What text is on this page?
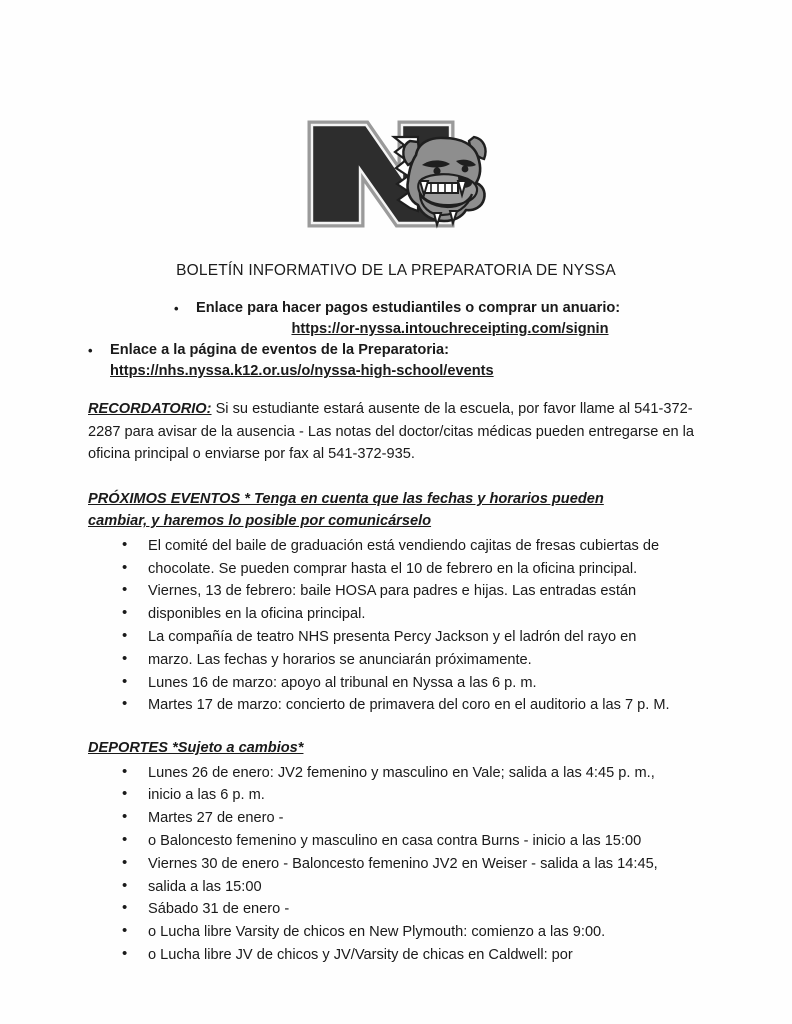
BOLETÍN INFORMATIVO DE LA PREPARATORIA DE NYSSA
•	Enlace para hacer pagos estudiantiles o comprar un anuario:
https://or-nyssa.intouchreceipting.com/signin
•	Enlace a la página de eventos de la Preparatoria:
https://nhs.nyssa.k12.or.us/o/nyssa-high-school/events

RECORDATORIO: Si su estudiante estará ausente de la escuela, por favor llame al 541-372-2287 para avisar de la ausencia - Las notas del doctor/citas médicas pueden entregarse en la oficina principal o enviarse por fax al 541-372-935.

PRÓXIMOS EVENTOS * Tenga en cuenta que las fechas y horarios pueden
cambiar, y haremos lo posible por comunicárselo
• El comité del baile de graduación está vendiendo cajitas de fresas cubiertas de
• chocolate. Se pueden comprar hasta el 10 de febrero en la oficina principal.
• Viernes, 13 de febrero: baile HOSA para padres e hijas. Las entradas están
• disponibles en la oficina principal.
• La compañía de teatro NHS presenta Percy Jackson y el ladrón del rayo en
• marzo. Las fechas y horarios se anunciarán próximamente.
• Lunes 16 de marzo: apoyo al tribunal en Nyssa a las 6 p. m.
• Martes 17 de marzo: concierto de primavera del coro en el auditorio a las 7 p. M.
DEPORTES *Sujeto a cambios*
• Lunes 26 de enero: JV2 femenino y masculino en Vale; salida a las 4:45 p. m.,
• inicio a las 6 p. m.
• Martes 27 de enero -
• o Baloncesto femenino y masculino en casa contra Burns - inicio a las 15:00
• Viernes 30 de enero - Baloncesto femenino JV2 en Weiser - salida a las 14:45,
• salida a las 15:00
• Sábado 31 de enero -
• o Lucha libre Varsity de chicos en New Plymouth: comienzo a las 9:00.
• o Lucha libre JV de chicos y JV/Varsity de chicas en Caldwell: por
